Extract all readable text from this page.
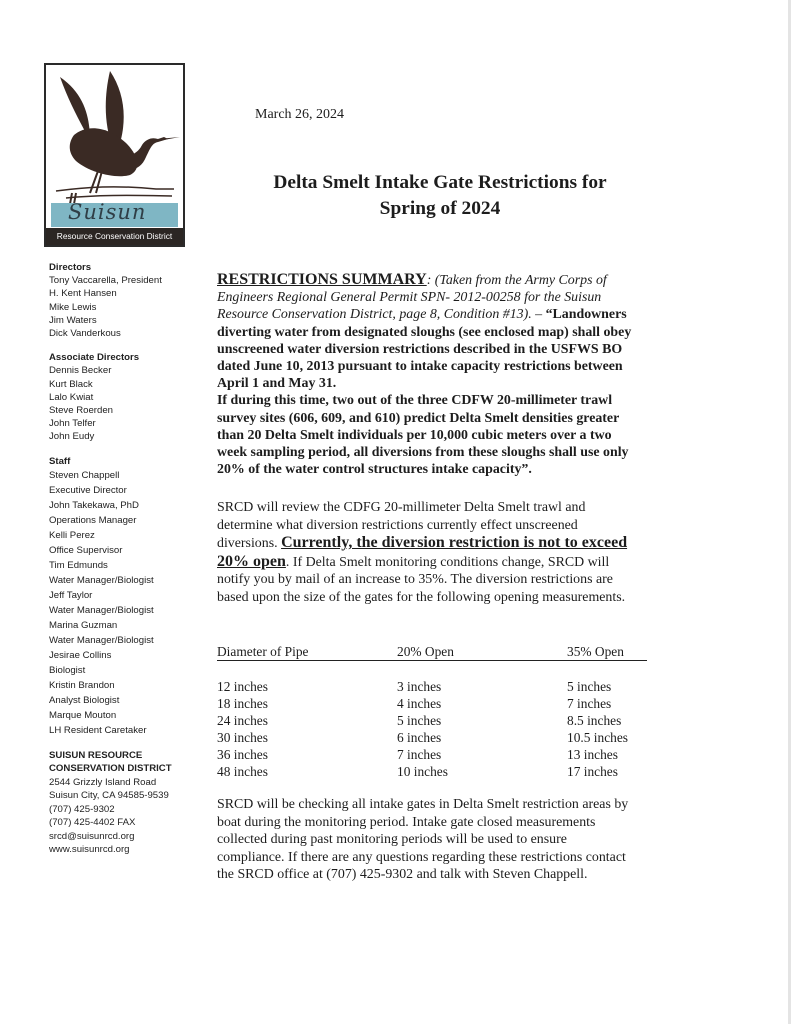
Suisun
Resource Conservation District
Directors
Tony Vaccarella, President
H. Kent Hansen
Mike Lewis
Jim Waters
Dick Vanderkous
Associate Directors
Dennis Becker
Kurt Black
Lalo Kwiat
Steve Roerden
John Telfer
John Eudy
Staff
Steven Chappell
Executive Director
John Takekawa, PhD
Operations Manager
Kelli Perez
Office Supervisor
Tim Edmunds
Water Manager/Biologist
Jeff Taylor
Water Manager/Biologist
Marina Guzman
Water Manager/Biologist
Jesirae Collins
Biologist
Kristin Brandon
Analyst Biologist
Marque Mouton
LH Resident Caretaker
SUISUN RESOURCE
CONSERVATION DISTRICT
2544 Grizzly Island Road
Suisun City, CA 94585-9539
(707) 425-9302
(707) 425-4402 FAX
srcd@suisunrcd.org
www.suisunrcd.org
March 26, 2024
Delta Smelt Intake Gate Restrictions for
Spring of 2024
RESTRICTIONS SUMMARY: (Taken from the Army Corps of Engineers Regional General Permit SPN- 2012-00258 for the Suisun Resource Conservation District, page 8, Condition #13). – “Landowners diverting water from designated sloughs (see enclosed map) shall obey unscreened water diversion restrictions described in the USFWS BO dated June 10, 2013 pursuant to intake capacity restrictions between April 1 and May 31.
If during this time, two out of the three CDFW 20-millimeter trawl survey sites (606, 609, and 610) predict Delta Smelt densities greater than 20 Delta Smelt individuals per 10,000 cubic meters over a two week sampling period, all diversions from these sloughs shall use only 20% of the water control structures intake capacity”.
SRCD will review the CDFG 20-millimeter Delta Smelt trawl and determine what diversion restrictions currently effect unscreened diversions. Currently, the diversion restriction is not to exceed 20% open. If Delta Smelt monitoring conditions change, SRCD will notify you by mail of an increase to 35%. The diversion restrictions are based upon the size of the gates for the following opening measurements.
Diameter of Pipe	20% Open	35% Open
12 inches	3 inches	5 inches
18 inches	4 inches	7 inches
24 inches	5 inches	8.5 inches
30 inches	6 inches	10.5 inches
36 inches	7 inches	13 inches
48 inches	10 inches	17 inches
SRCD will be checking all intake gates in Delta Smelt restriction areas by boat during the monitoring period. Intake gate closed measurements collected during past monitoring periods will be used to ensure compliance. If there are any questions regarding these restrictions contact the SRCD office at (707) 425-9302 and talk with Steven Chappell.
